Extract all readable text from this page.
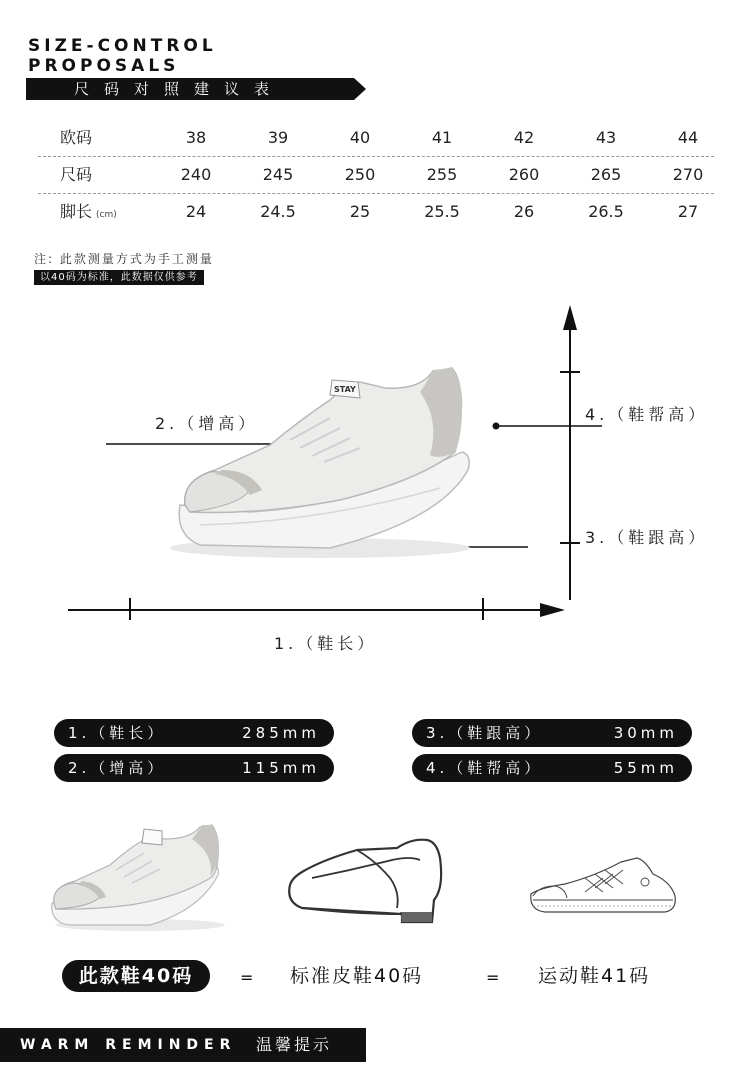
SIZE-CONTROL
PROPOSALS
尺码对照建议表
欧码	38	39	40	41	42	43	44
尺码	240	245	250	255	260	265	270
脚长 (cm)	24	24.5	25	25.5	26	26.5	27
注: 此款测量方式为手工测量
以40码为标准，此数据仅供参考
STAY
2.（增高）	4.（鞋帮高）
3.（鞋跟高）
1.（鞋长）
1.（鞋长）	285mm
2.（增高）	115mm
3.（鞋跟高）	30mm
4.（鞋帮高）	55mm
此款鞋40码	= 标准皮鞋40码	= 运动鞋41码
WARM REMINDER 温馨提示
